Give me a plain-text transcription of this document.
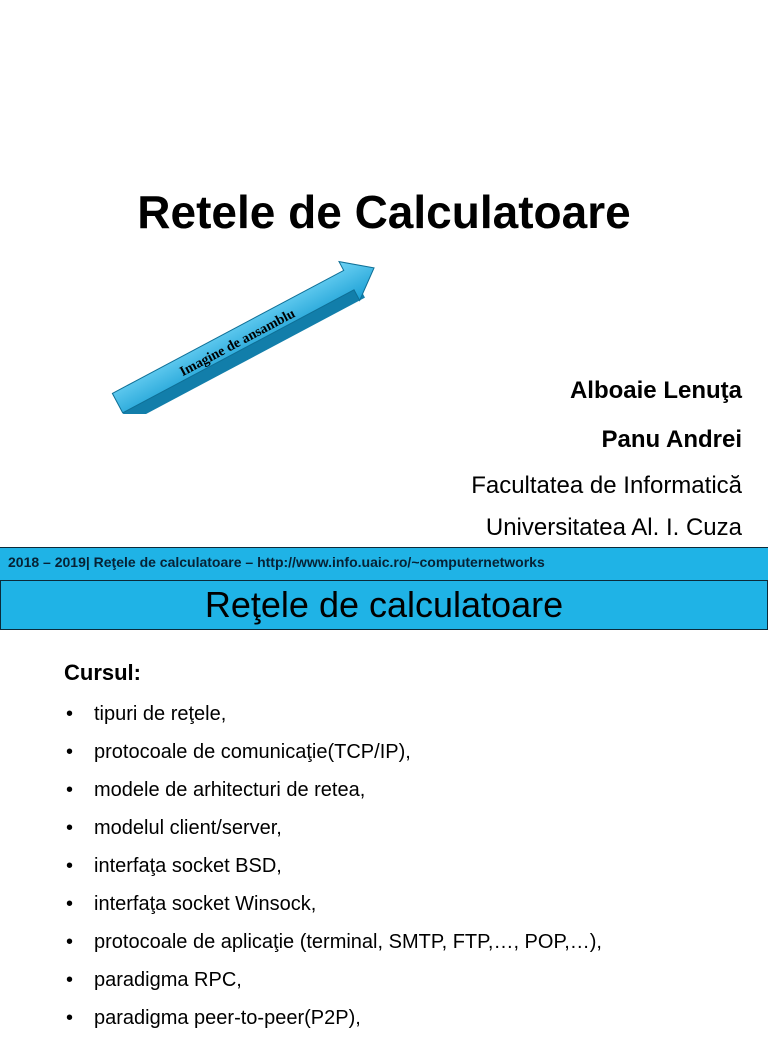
Retele de Calculatoare
Imagine de ansamblu
Alboaie Lenuţa
Panu Andrei
Facultatea de Informatică
Universitatea Al. I. Cuza
2018 – 2019| Reţele de calculatoare – http://www.info.uaic.ro/~computernetworks
Reţele de calculatoare
Cursul:
• tipuri de reţele,
• protocoale de comunicaţie(TCP/IP),
• modele de arhitecturi de retea,
• modelul client/server,
• interfaţa socket BSD,
• interfaţa socket Winsock,
• protocoale de aplicaţie (terminal, SMTP, FTP,…, POP,…),
• paradigma RPC,
• paradigma peer-to-peer(P2P),
